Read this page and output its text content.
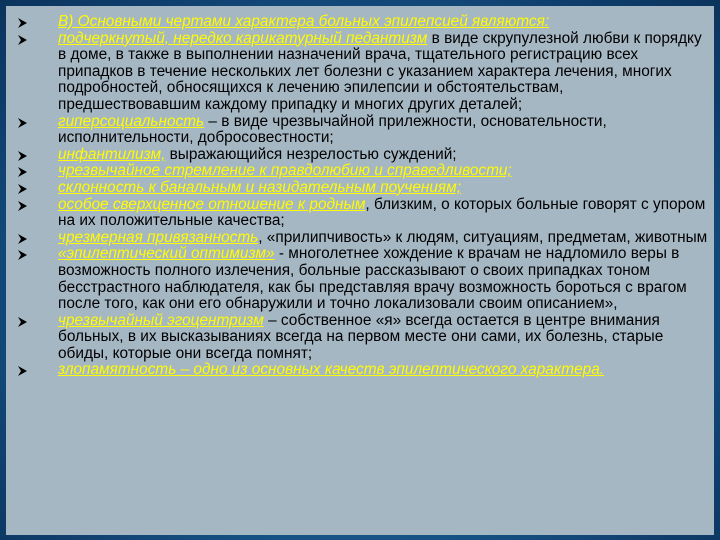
В) Основными чертами характера больных эпилепсией являются:
подчеркнутый, нередко карикатурный педантизм в виде скрупулезной любви к порядку в доме, в также в выполнении назначений врача, тщательного регистрацию всех припадков в течение нескольких лет болезни с указанием характера лечения, многих подробностей, обносящихся к лечению эпилепсии и обстоятельствам, предшествовавшим каждому припадку и многих других деталей;
гиперсоциальность – в виде чрезвычайной прилежности, основательности, исполнительности, добросовестности;
инфантилизм, выражающийся незрелостью суждений;
чрезвычайное стремление к правдолюбию и справедливости;
склонность к банальным и назидательным поучениям;
особое сверхценное отношение к родным, близким, о которых больные говорят с упором на их положительные качества;
чрезмерная привязанность, «прилипчивость» к людям, ситуациям, предметам, животным
«эпилептический оптимизм» - многолетнее хождение к врачам не надломило веры в возможность полного излечения, больные рассказывают о своих припадках тоном бесстрастного наблюдателя, как бы представляя врачу возможность бороться с врагом после того, как они его обнаружили и точно локализовали своим описанием»,
чрезвычайный эгоцентризм – собственное «я» всегда остается в центре внимания больных, в их высказываниях всегда на первом месте они сами, их болезнь, старые обиды, которые они всегда помнят;
злопамятность – одно из основных качеств эпилептического характера.
